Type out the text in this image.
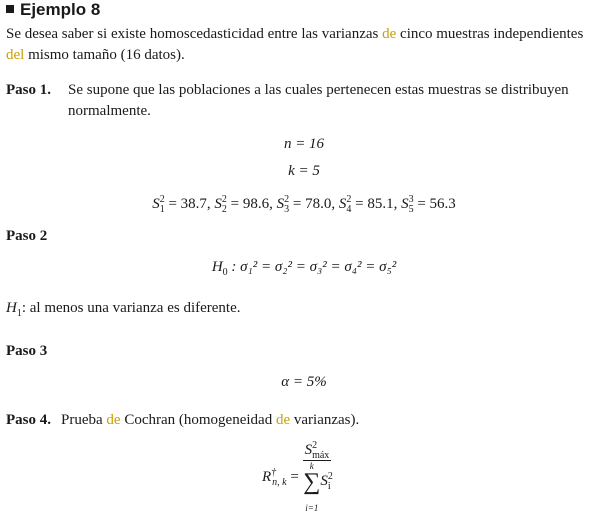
Ejemplo 8
Se desea saber si existe homoscedasticidad entre las varianzas de cinco muestras independientes
del mismo tamaño (16 datos).
Paso 1. Se supone que las poblaciones a las cuales pertenecen estas muestras se distribuyen
normalmente.
n = 16
k = 5
$S^2_1 = 38.7$, $S^2_2 = 98.6$, $S^2_3 = 78.0$, $S^2_4 = 85.1$, $S^3_5 = 56.3$
Paso 2
$H_0$ : σ₁² = σ₂² = σ₃² = σ₄² = σ₅²
$H_1$: al menos una varianza es diferente.
Paso 3
α = 5%
Paso 4. Prueba de Cochran (homogeneidad de varianzas).
$R^\dagger_{n, k} = S^2_{máx}$
k
∑
i=1
$S^2_i$
